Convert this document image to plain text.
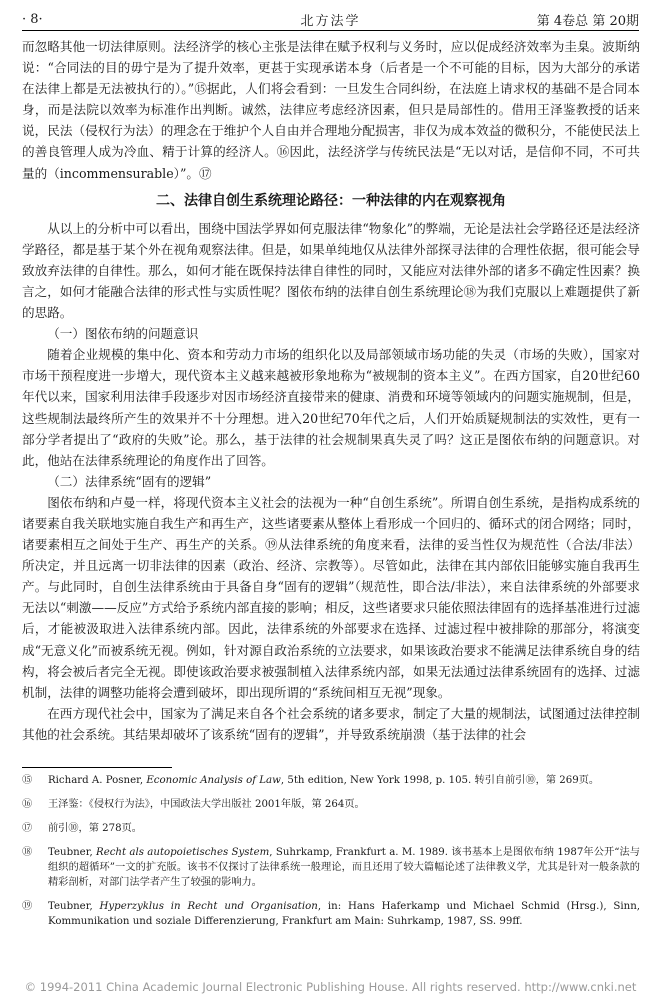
· 8·	北方法学	第 4卷总 第 20期

而忽略其他一切法律原则。法经济学的核心主张是法律在赋予权利与义务时，应以促成经济效率为圭臬。波斯纳说：“合同法的目的毋宁是为了提升效率，更甚于实现承诺本身（后者是一个不可能的目标，因为大部分的承诺在法律上都是无法被执行的）。”⑮据此，人们将会看到：一旦发生合同纠纷，在法庭上请求权的基础不是合同本身，而是法院以效率为标准作出判断。诚然，法律应考虑经济因素，但只是局部性的。借用王泽鉴教授的话来说，民法（侵权行为法）的理念在于维护个人自由并合理地分配损害，非仅为成本效益的微积分，不能使民法上的善良管理人成为冷血、精于计算的经济人。⑯因此，法经济学与传统民法是“无以对话，是信仰不同，不可共量的（incommensurable）”。⑰

二、法律自创生系统理论路径：一种法律的内在观察视角

从以上的分析中可以看出，围绕中国法学界如何克服法律“物象化”的弊端，无论是法社会学路径还是法经济学路径，都是基于某个外在视角观察法律。但是，如果单纯地仅从法律外部探寻法律的合理性依据，很可能会导致放弃法律的自律性。那么，如何才能在既保持法律自律性的同时，又能应对法律外部的诸多不确定性因素？换言之，如何才能融合法律的形式性与实质性呢？图依布纳的法律自创生系统理论⑱为我们克服以上难题提供了新的思路。

（一）图依布纳的问题意识

随着企业规模的集中化、资本和劳动力市场的组织化以及局部领域市场功能的失灵（市场的失败），国家对市场干预程度进一步增大，现代资本主义越来越被形象地称为“被规制的资本主义”。在西方国家，自20世纪60年代以来，国家利用法律手段逐步对因市场经济直接带来的健康、消费和环境等领域内的问题实施规制，但是，这些规制法最终所产生的效果并不十分理想。进入20世纪70年代之后，人们开始质疑规制法的实效性，更有一部分学者提出了“政府的失败”论。那么，基于法律的社会规制果真失灵了吗？这正是图依布纳的问题意识。对此，他站在法律系统理论的角度作出了回答。

（二）法律系统“固有的逻辑”

图依布纳和卢曼一样，将现代资本主义社会的法视为一种“自创生系统”。所谓自创生系统，是指构成系统的诸要素自我关联地实施自我生产和再生产，这些诸要素从整体上看形成一个回归的、循环式的闭合网络；同时，诸要素相互之间处于生产、再生产的关系。⑲从法律系统的角度来看，法律的妥当性仅为规范性（合法/非法）所决定，并且远离一切非法律的因素（政治、经济、宗教等）。尽管如此，法律在其内部依旧能够实施自我再生产。与此同时，自创生法律系统由于具备自身“固有的逻辑”（规范性，即合法/非法），来自法律系统的外部要求无法以“刺激——反应”方式给予系统内部直接的影响；相反，这些诸要求只能依照法律固有的选择基准进行过滤后，才能被汲取进入法律系统内部。因此，法律系统的外部要求在选择、过滤过程中被排除的那部分，将演变成“无意义化”而被系统无视。例如，针对源自政治系统的立法要求，如果该政治要求不能满足法律系统自身的结构，将会被后者完全无视。即使该政治要求被强制植入法律系统内部，如果无法通过法律系统固有的选择、过滤机制，法律的调整功能将会遭到破坏，即出现所谓的“系统间相互无视”现象。

在西方现代社会中，国家为了满足来自各个社会系统的诸多要求，制定了大量的规制法，试图通过法律控制其他的社会系统。其结果却破坏了该系统“固有的逻辑”，并导致系统崩溃（基于法律的社会

⑮	Richard A. Posner, Economic Analysis of Law, 5th edition, New York 1998, p. 105. 转引自前引⑩，第 269页。
⑯	王泽鉴：《侵权行为法》，中国政法大学出版社 2001年版，第 264页。
⑰	前引⑩，第 278页。
⑱	Teubner, Recht als autopoietisches System, Suhrkamp, Frankfurt a. M. 1989. 该书基本上是图依布纳 1987年公开“法与组织的超循环”一文的扩充版。该书不仅探讨了法律系统一般理论，而且还用了较大篇幅论述了法律教义学，尤其是针对一般条款的精彩剖析，对部门法学者产生了较强的影响力。
⑲	Teubner, Hyperzyklus in Recht und Organisation, in: Hans Haferkamp und Michael Schmid (Hrsg.), Sinn, Kommunikation und soziale Differenzierung, Frankfurt am Main: Suhrkamp, 1987, SS. 99ff.
© 1994-2011 China Academic Journal Electronic Publishing House. All rights reserved. http://www.cnki.net
